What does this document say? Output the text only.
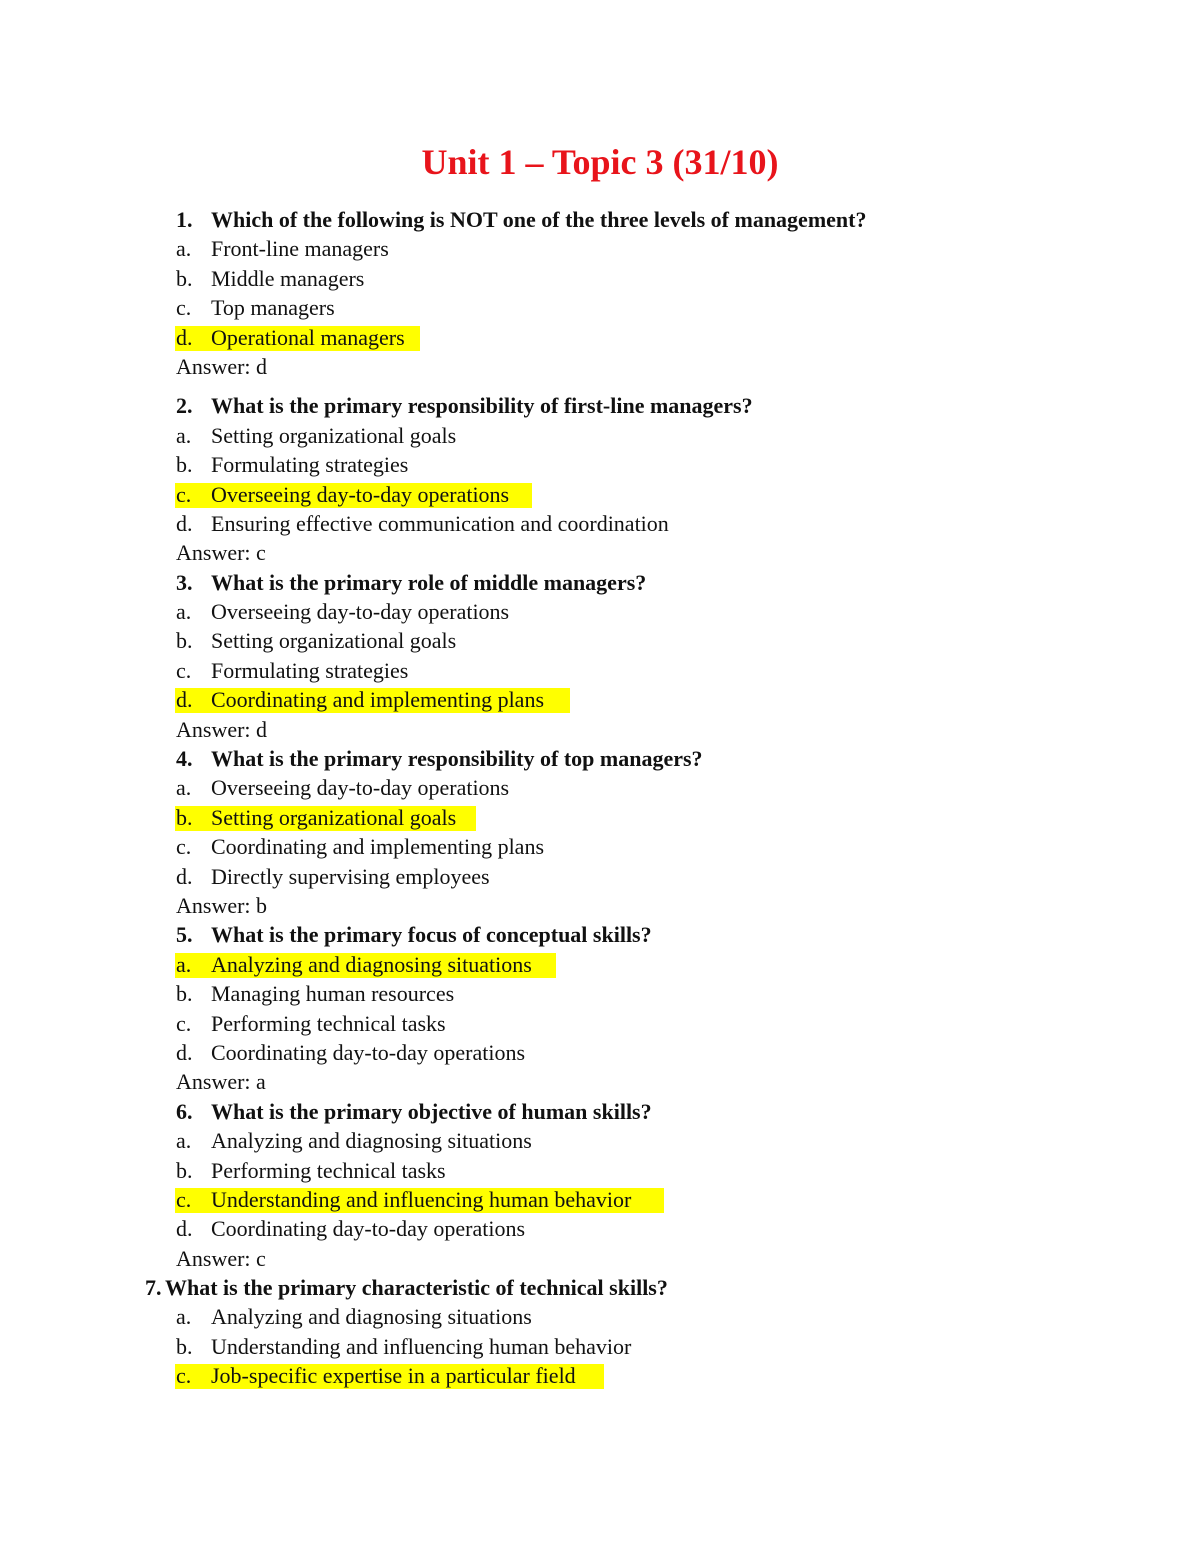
Unit 1 – Topic 3 (31/10)
1. Which of the following is NOT one of the three levels of management?
a. Front-line managers
b. Middle managers
c. Top managers
d. Operational managers
Answer: d
2. What is the primary responsibility of first-line managers?
a. Setting organizational goals
b. Formulating strategies
c. Overseeing day-to-day operations
d. Ensuring effective communication and coordination
Answer: c
3. What is the primary role of middle managers?
a. Overseeing day-to-day operations
b. Setting organizational goals
c. Formulating strategies
d. Coordinating and implementing plans
Answer: d
4. What is the primary responsibility of top managers?
a. Overseeing day-to-day operations
b. Setting organizational goals
c. Coordinating and implementing plans
d. Directly supervising employees
Answer: b
5. What is the primary focus of conceptual skills?
a. Analyzing and diagnosing situations
b. Managing human resources
c. Performing technical tasks
d. Coordinating day-to-day operations
Answer: a
6. What is the primary objective of human skills?
a. Analyzing and diagnosing situations
b. Performing technical tasks
c. Understanding and influencing human behavior
d. Coordinating day-to-day operations
Answer: c
7. What is the primary characteristic of technical skills?
a. Analyzing and diagnosing situations
b. Understanding and influencing human behavior
c. Job-specific expertise in a particular field
